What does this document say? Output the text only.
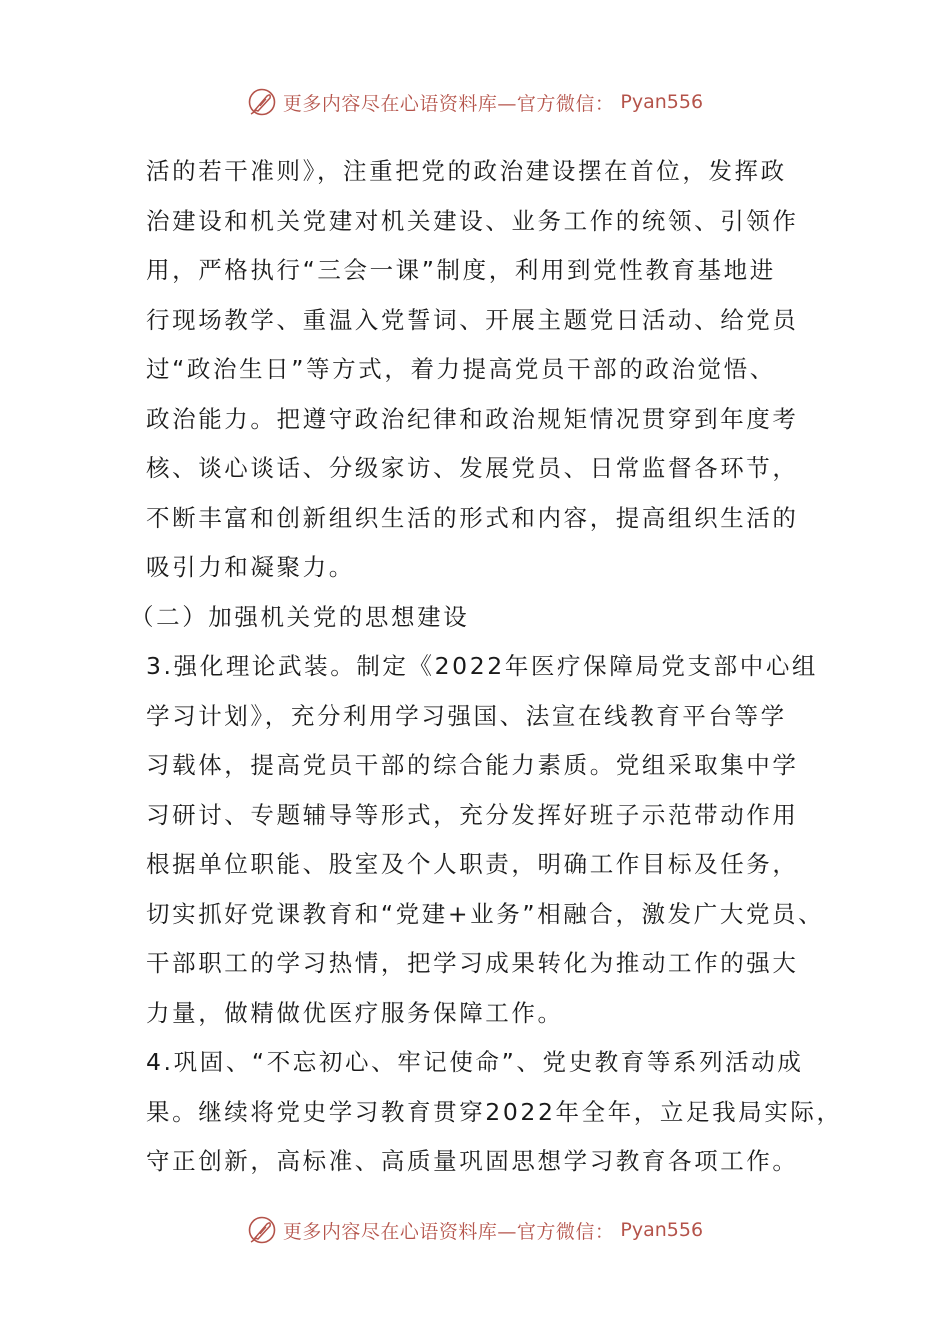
更多内容尽在心语资料库—官方微信： Pyan556
活的若干准则》，注重把党的政治建设摆在首位，发挥政
治建设和机关党建对机关建设、业务工作的统领、引领作
用，严格执行“三会一课”制度，利用到党性教育基地进
行现场教学、重温入党誓词、开展主题党日活动、给党员
过“政治生日”等方式，着力提高党员干部的政治觉悟、
政治能力。把遵守政治纪律和政治规矩情况贯穿到年度考
核、谈心谈话、分级家访、发展党员、日常监督各环节，
不断丰富和创新组织生活的形式和内容，提高组织生活的
吸引力和凝聚力。
（二）加强机关党的思想建设
3.强化理论武装。制定《2022年医疗保障局党支部中心组
学习计划》，充分利用学习强国、法宣在线教育平台等学
习载体，提高党员干部的综合能力素质。党组采取集中学
习研讨、专题辅导等形式，充分发挥好班子示范带动作用
根据单位职能、股室及个人职责，明确工作目标及任务，
切实抓好党课教育和“党建+业务”相融合，激发广大党员、
干部职工的学习热情，把学习成果转化为推动工作的强大
力量，做精做优医疗服务保障工作。
4.巩固、“不忘初心、牢记使命”、党史教育等系列活动成
果。继续将党史学习教育贯穿2022年全年，立足我局实际，
守正创新，高标准、高质量巩固思想学习教育各项工作。
更多内容尽在心语资料库—官方微信： Pyan556
